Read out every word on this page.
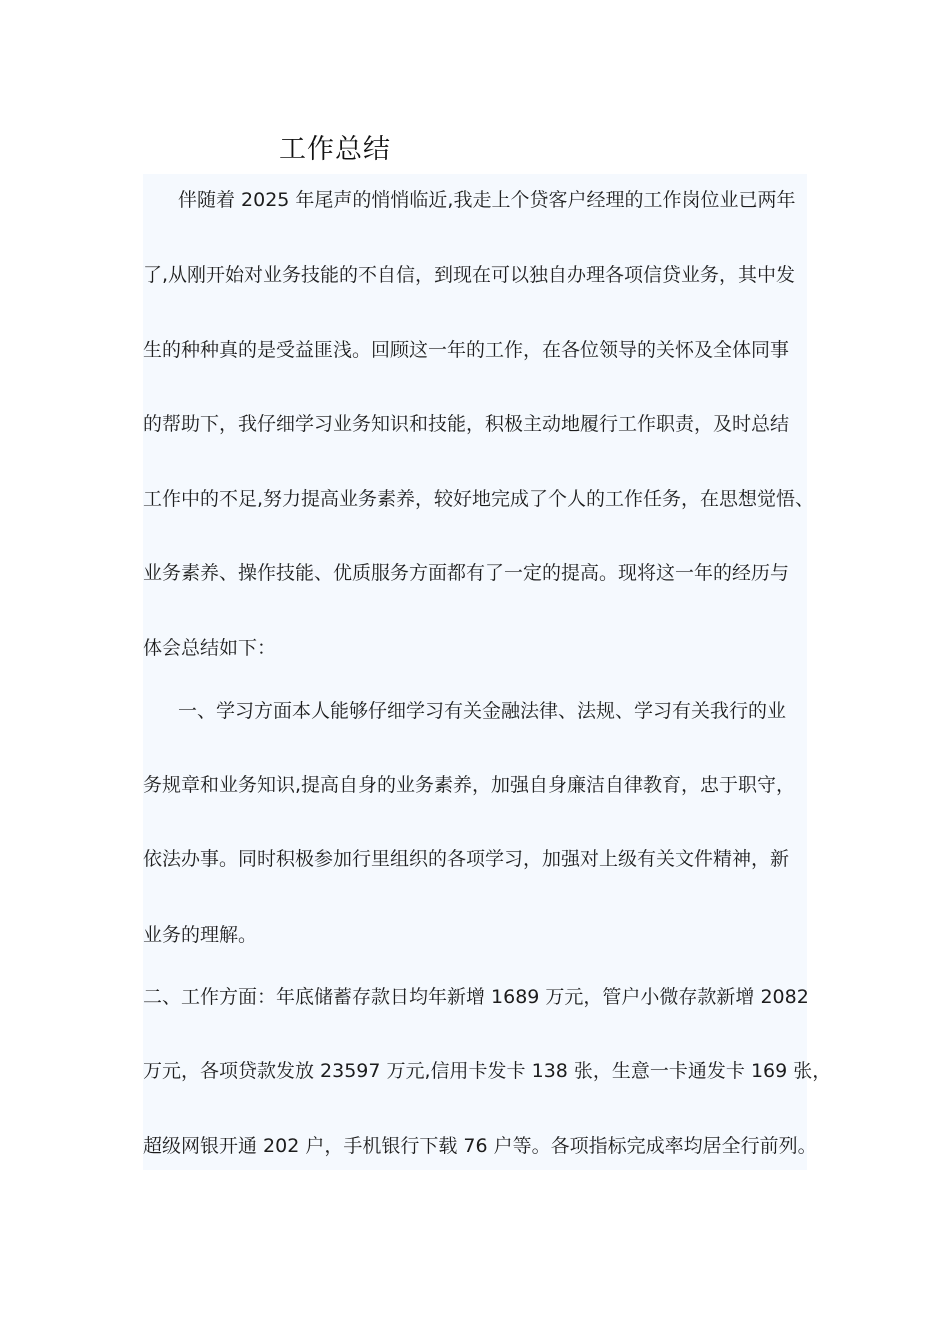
工作总结

伴随着 2025 年尾声的悄悄临近,我走上个贷客户经理的工作岗位业已两年

了,从刚开始对业务技能的不自信，到现在可以独自办理各项信贷业务，其中发

生的种种真的是受益匪浅。回顾这一年的工作，在各位领导的关怀及全体同事

的帮助下，我仔细学习业务知识和技能，积极主动地履行工作职责，及时总结

工作中的不足,努力提高业务素养，较好地完成了个人的工作任务，在思想觉悟、

业务素养、操作技能、优质服务方面都有了一定的提高。现将这一年的经历与

体会总结如下：

一、学习方面本人能够仔细学习有关金融法律、法规、学习有关我行的业

务规章和业务知识,提高自身的业务素养，加强自身廉洁自律教育，忠于职守，

依法办事。同时积极参加行里组织的各项学习，加强对上级有关文件精神，新

业务的理解。

二、工作方面：年底储蓄存款日均年新增 1689 万元，管户小微存款新增 2082

万元，各项贷款发放 23597 万元,信用卡发卡 138 张，生意一卡通发卡 169 张，

超级网银开通 202 户，手机银行下载 76 户等。各项指标完成率均居全行前列。
